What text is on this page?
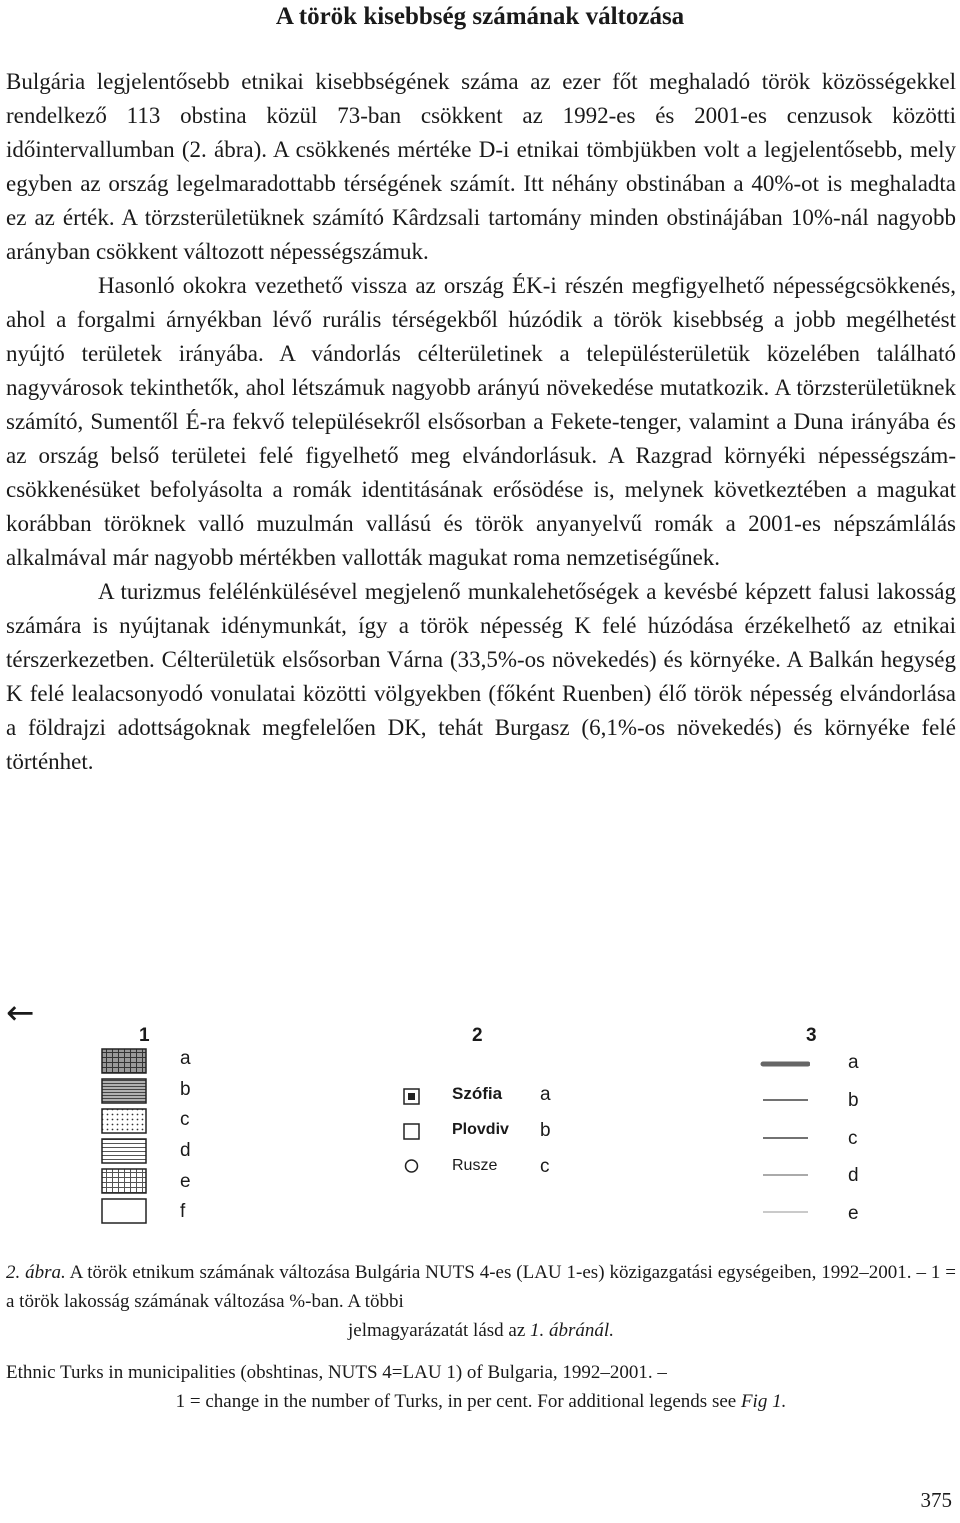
A török kisebbség számának változása

Bulgária legjelentősebb etnikai kisebbségének száma az ezer főt meghaladó török közösségekkel rendelkező 113 obstina közül 73-ban csökkent az 1992-es és 2001-es cenzusok közötti időintervallumban (2. ábra). A csökkenés mértéke D-i etnikai tömbjükben volt a legjelentősebb, mely egyben az ország legelmaradottabb térségének számít. Itt néhány obstinában a 40%-ot is meghaladta ez az érték. A törzsterületüknek számító Kârdzsali tartomány minden obstinájában 10%-nál nagyobb arányban csökkent változott népességszámuk.

Hasonló okokra vezethető vissza az ország ÉK-i részén megfigyelhető népességcsökkenés, ahol a forgalmi árnyékban lévő rurális térségekből húzódik a török kisebbség a jobb megélhetést nyújtó területek irányába. A vándorlás célterületinek a településterületük közelében található nagyvárosok tekinthetők, ahol létszámuk nagyobb arányú növekedése mutatkozik. A törzsterületüknek számító, Sumentől É-ra fekvő településekről elsősorban a Fekete-tenger, valamint a Duna irányába és az ország belső területei felé figyelhető meg elvándorlásuk. A Razgrad környéki népességszám-csökkenésüket befolyásolta a romák identitásának erősödése is, melynek következtében a magukat korábban töröknek valló muzulmán vallású és török anyanyelvű romák a 2001-es népszámlálás alkalmával már nagyobb mértékben vallották magukat roma nemzetiségűnek.

A turizmus felélénkülésével megjelenő munkalehetőségek a kevésbé képzett falusi lakosság számára is nyújtanak idénymunkát, így a török népesség K felé húzódása érzékelhető az etnikai térszerkezetben. Célterületük elsősorban Várna (33,5%-os növekedés) és környéke. A Balkán hegység K felé lealacsonyodó vonulatai közötti völgyekben (főként Ruenben) élő török népesség elvándorlása a földrajzi adottságoknak megfelelően DK, tehát Burgasz (6,1%-os növekedés) és környéke felé történhet.

←
1
a
b
c
d
e
f
2
Szófia
Plovdiv
Rusze
a
b
c
3
a
b
c
d
e
2. ábra. A török etnikum számának változása Bulgária NUTS 4-es (LAU 1-es) közigazgatási egységeiben, 1992–2001. – 1 = a török lakosság számának változása %-ban. A többi
jelmagyarázatát lásd az 1. ábránál.
Ethnic Turks in municipalities (obshtinas, NUTS 4=LAU 1) of Bulgaria, 1992–2001. –
1 = change in the number of Turks, in per cent. For additional legends see Fig 1.
375
